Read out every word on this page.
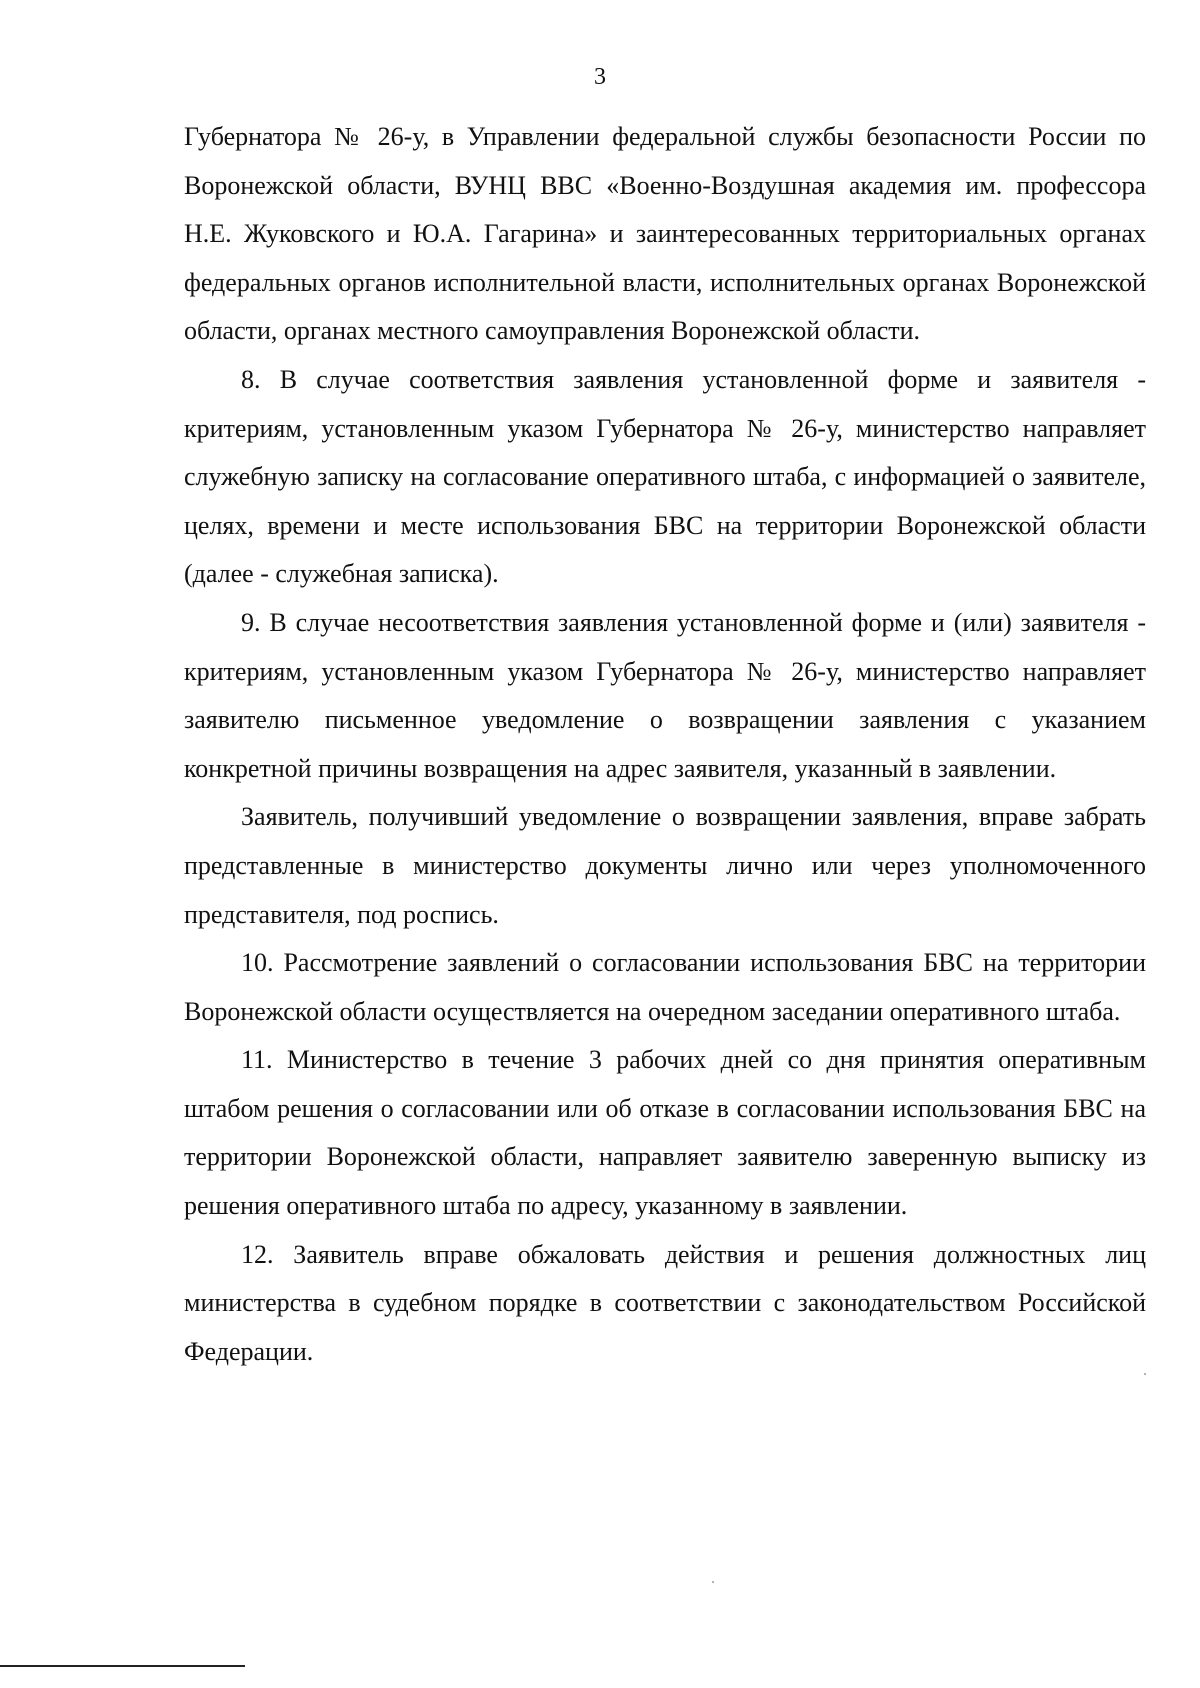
3

Губернатора № 26-у, в Управлении федеральной службы безопасности России по Воронежской области, ВУНЦ ВВС «Военно-Воздушная академия им. профессора Н.Е. Жуковского и Ю.А. Гагарина» и заинтересованных территориальных органах федеральных органов исполнительной власти, исполнительных органах Воронежской области, органах местного самоуправления Воронежской области.

8. В случае соответствия заявления установленной форме и заявителя - критериям, установленным указом Губернатора № 26-у, министерство направляет служебную записку на согласование оперативного штаба, с информацией о заявителе, целях, времени и месте использования БВС на территории Воронежской области (далее - служебная записка).

9. В случае несоответствия заявления установленной форме и (или) заявителя - критериям, установленным указом Губернатора № 26-у, министерство направляет заявителю письменное уведомление о возвращении заявления с указанием конкретной причины возвращения на адрес заявителя, указанный в заявлении.

Заявитель, получивший уведомление о возвращении заявления, вправе забрать представленные в министерство документы лично или через уполномоченного представителя, под роспись.

10. Рассмотрение заявлений о согласовании использования БВС на территории Воронежской области осуществляется на очередном заседании оперативного штаба.

11. Министерство в течение 3 рабочих дней со дня принятия оперативным штабом решения о согласовании или об отказе в согласовании использования БВС на территории Воронежской области, направляет заявителю заверенную выписку из решения оперативного штаба по адресу, указанному в заявлении.

12. Заявитель вправе обжаловать действия и решения должностных лиц министерства в судебном порядке в соответствии с законодательством Российской Федерации.
